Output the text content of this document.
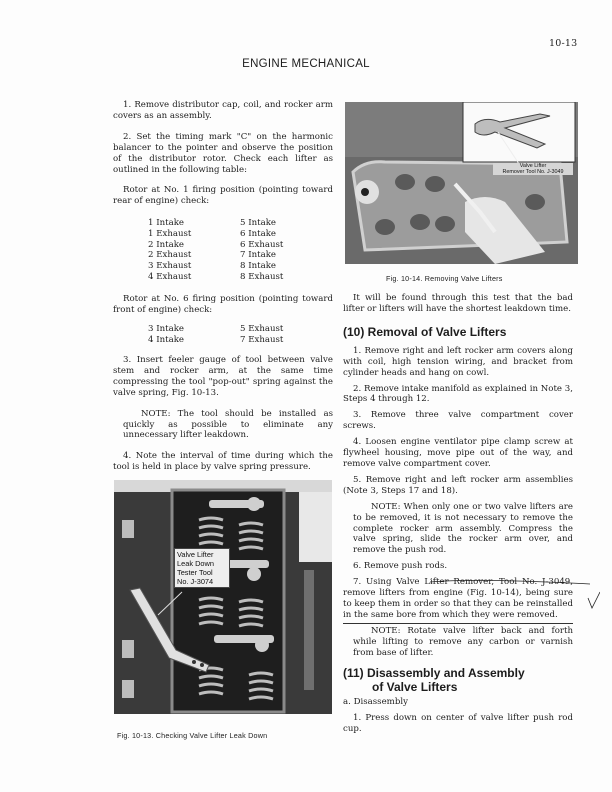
10-13
ENGINE MECHANICAL

1. Remove distributor cap, coil, and rocker arm covers as an assembly.

2. Set the timing mark "C" on the harmonic balancer to the pointer and observe the position of the distributor rotor. Check each lifter as outlined in the following table:

Rotor at No. 1 firing position (pointing toward rear of engine) check:

1 Intake	5 Intake
1 Exhaust	6 Intake
2 Intake	6 Exhaust
2 Exhaust	7 Intake
3 Exhaust	8 Intake
4 Exhaust	8 Exhaust

Rotor at No. 6 firing position (pointing toward front of engine) check:

3 Intake	5 Exhaust
4 Intake	7 Exhaust

3. Insert feeler gauge of tool between valve stem and rocker arm, at the same time compressing the tool "pop-out" spring against the valve spring, Fig. 10-13.

NOTE: The tool should be installed as quickly as possible to eliminate any unnecessary lifter leakdown.

4. Note the interval of time during which the tool is held in place by valve spring pressure.

Valve Lifter
Leak Down
Tester Tool
No. J-3074
Fig. 10-13. Checking Valve Lifter Leak Down
Valve Lifter
Remover Tool No. J-3049
Fig. 10-14. Removing Valve Lifters

It will be found through this test that the bad lifter or lifters will have the shortest leakdown time.

(10) Removal of Valve Lifters

1. Remove right and left rocker arm covers along with coil, high tension wiring, and bracket from cylinder heads and hang on cowl.

2. Remove intake manifold as explained in Note 3, Steps 4 through 12.

3. Remove three valve compartment cover screws.

4. Loosen engine ventilator pipe clamp screw at flywheel housing, move pipe out of the way, and remove valve compartment cover.

5. Remove right and left rocker arm assemblies (Note 3, Steps 17 and 18).

NOTE: When only one or two valve lifters are to be removed, it is not necessary to remove the complete rocker arm assembly. Compress the valve spring, slide the rocker arm over, and remove the push rod.

6. Remove push rods.

7. Using Valve Lifter Remover, Tool No. J-3049, remove lifters from engine (Fig. 10-14), being sure to keep them in order so that they can be reinstalled in the same bore from which they were removed.

NOTE: Rotate valve lifter back and forth while lifting to remove any carbon or varnish from base of lifter.

(11) Disassembly and Assembly
of Valve Lifters

a. Disassembly

1. Press down on center of valve lifter push rod cup.
